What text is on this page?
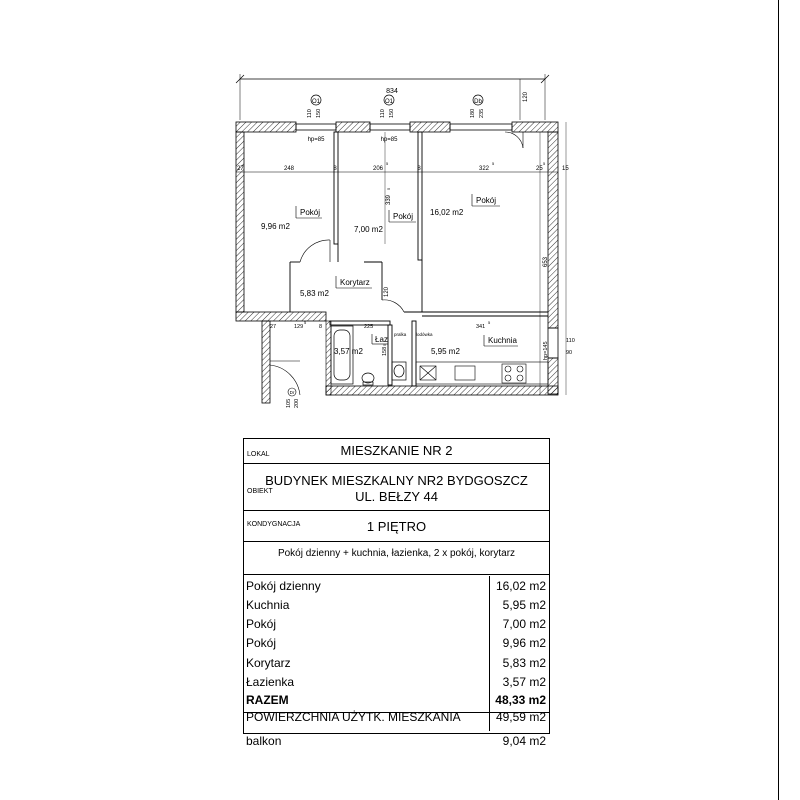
834
120
O1
110 150
hp=85
O1
110 150
hp=85
Db
180 235
27	248	8	206
5
8	322
5
25
5
15
653
339
5
120
Pokój
9,96 m2
Pokój
7,00 m2
Pokój
16,02 m2
Korytarz
5,83 m2
Łaz
3,57 m2
Kuchnia
5,95 m2
27	129
5
8	225
pralka lodówka
341
5
158
5	hp=145
110
90
105 200
Dr
LOKAL	MIESZKANIE NR 2
OBIEKT
BUDYNEK MIESZKALNY NR2 BYDGOSZCZ
UL. BEŁZY 44
KONDYGNACJA	1 PIĘTRO
Pokój dzienny + kuchnia, łazienka, 2 x pokój, korytarz
Pokój dzienny	16,02 m2
Kuchnia	5,95 m2
Pokój	7,00 m2
Pokój	9,96 m2
Korytarz	5,83 m2
Łazienka	3,57 m2
RAZEM	48,33 m2
POWIERZCHNIA UŻYTK. MIESZKANIA	49,59 m2
balkon	9,04 m2
